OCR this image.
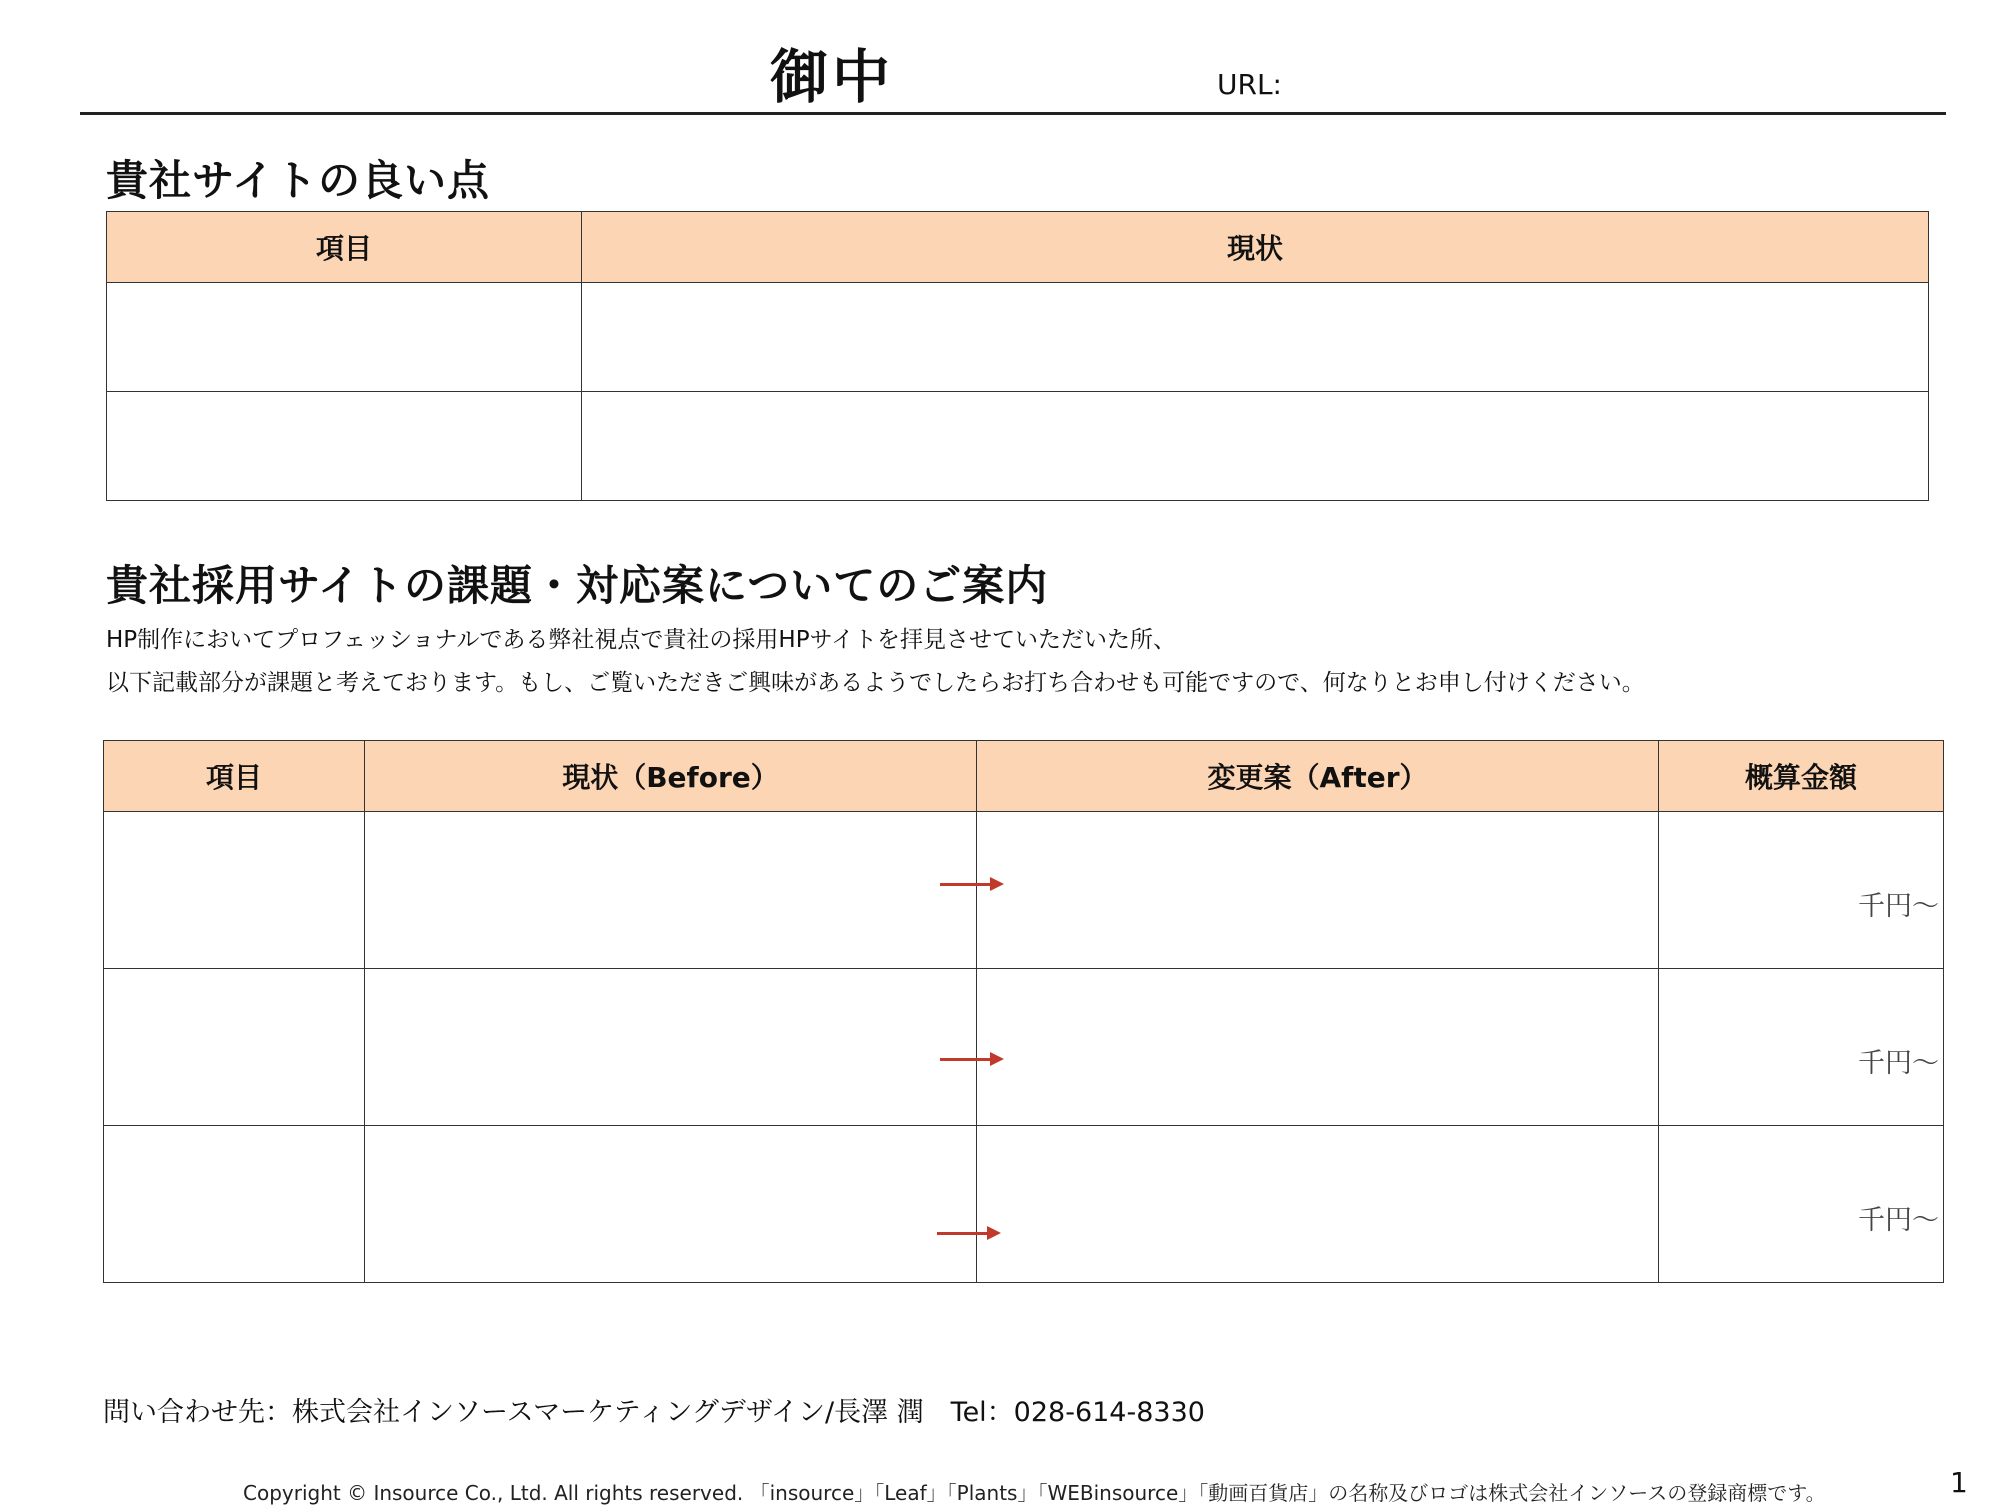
御中	URL:
貴社サイトの良い点
項目	現状

貴社採用サイトの課題・対応案についてのご案内
HP制作においてプロフェッショナルである弊社視点で貴社の採用HPサイトを拝見させていただいた所、
以下記載部分が課題と考えております。もし、ご覧いただきご興味があるようでしたらお打ち合わせも可能ですので、何なりとお申し付けください。
項目	現状（Before）	変更案（After）	概算金額

			千円～

			千円～

			千円～
問い合わせ先：株式会社インソースマーケティングデザイン/長澤 潤　Tel：028-614-8330
Copyright © Insource Co., Ltd. All rights reserved. 「insource」「Leaf」「Plants」「WEBinsource」「動画百貨店」の名称及びロゴは株式会社インソースの登録商標です。	1
